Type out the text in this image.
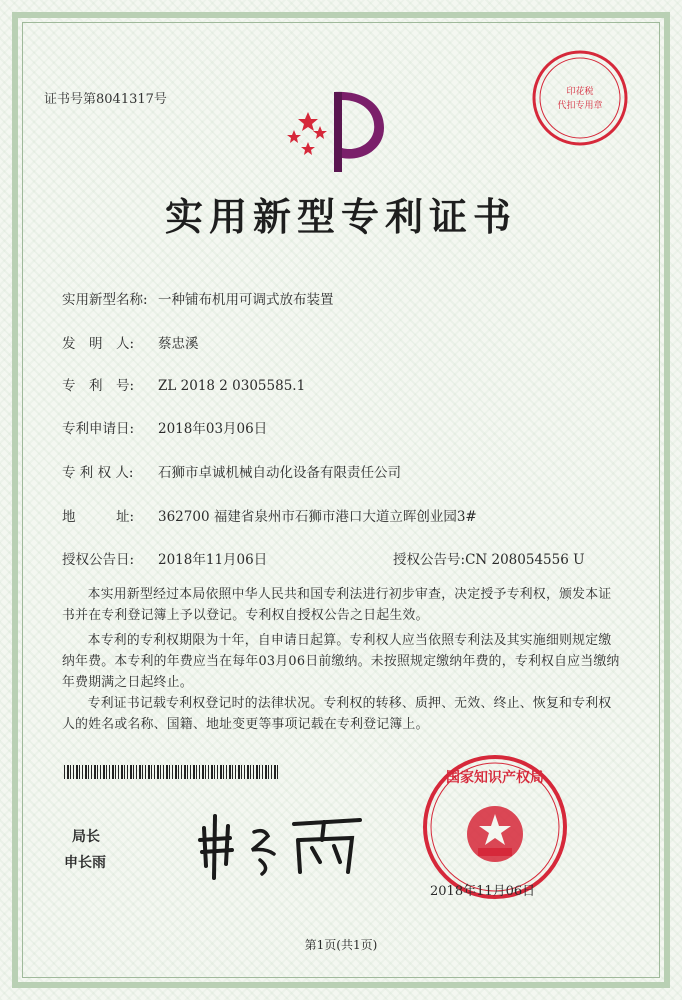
证书号第8041317号	印花税
代扣专用章
实用新型专利证书
实用新型名称: 一种铺布机用可调式放布装置
发　明　人: 蔡忠溪
专　利　号: ZL 2018 2 0305585.1
专利申请日: 2018年03月06日
专 利 权 人: 石狮市卓诚机械自动化设备有限责任公司
地　　　址: 362700 福建省泉州市石狮市港口大道立晖创业园3#
授权公告日: 2018年11月06日	授权公告号:CN 208054556 U
本实用新型经过本局依照中华人民共和国专利法进行初步审查，决定授予专利权，颁发本证书并在专利登记簿上予以登记。专利权自授权公告之日起生效。
本专利的专利权期限为十年，自申请日起算。专利权人应当依照专利法及其实施细则规定缴纳年费。本专利的年费应当在每年03月06日前缴纳。未按照规定缴纳年费的，专利权自应当缴纳年费期满之日起终止。
专利证书记载专利权登记时的法律状况。专利权的转移、质押、无效、终止、恢复和专利权人的姓名或名称、国籍、地址变更等事项记载在专利登记簿上。
局长
申长雨
国家知识产权局
2018年11月06日
第1页(共1页)
